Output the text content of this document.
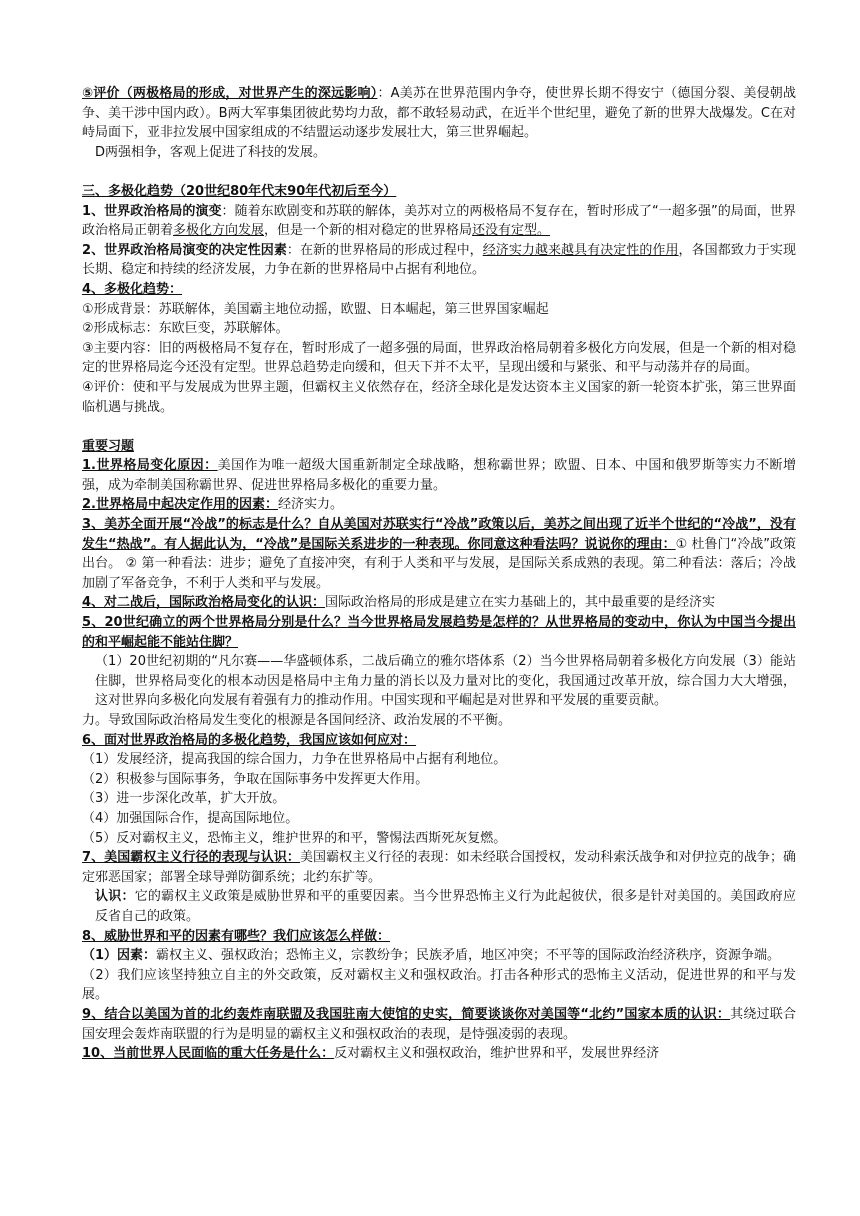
⑤评价（两极格局的形成，对世界产生的深远影响）：A美苏在世界范围内争夺，使世界长期不得安宁（德国分裂、美侵朝战争、美干涉中国内政）。B两大军事集团彼此势均力敌，都不敢轻易动武，在近半个世纪里，避免了新的世界大战爆发。C在对峙局面下，亚非拉发展中国家组成的不结盟运动逐步发展壮大，第三世界崛起。

D两强相争，客观上促进了科技的发展。

三、多极化趋势（20世纪80年代末90年代初后至今）

1、世界政治格局的演变：随着东欧剧变和苏联的解体，美苏对立的两极格局不复存在，暂时形成了“一超多强”的局面，世界政治格局正朝着多极化方向发展，但是一个新的相对稳定的世界格局还没有定型。

2、世界政治格局演变的决定性因素：在新的世界格局的形成过程中，经济实力越来越具有决定性的作用，各国都致力于实现长期、稳定和持续的经济发展，力争在新的世界格局中占据有利地位。

4、多极化趋势：

①形成背景：苏联解体，美国霸主地位动摇，欧盟、日本崛起，第三世界国家崛起

②形成标志：东欧巨变，苏联解体。

③主要内容：旧的两极格局不复存在，暂时形成了一超多强的局面，世界政治格局朝着多极化方向发展，但是一个新的相对稳定的世界格局迄今还没有定型。世界总趋势走向缓和，但天下并不太平，呈现出缓和与紧张、和平与动荡并存的局面。

④评价：使和平与发展成为世界主题，但霸权主义依然存在，经济全球化是发达资本主义国家的新一轮资本扩张，第三世界面临机遇与挑战。

重要习题

1.世界格局变化原因：美国作为唯一超级大国重新制定全球战略，想称霸世界；欧盟、日本、中国和俄罗斯等实力不断增强，成为牵制美国称霸世界、促进世界格局多极化的重要力量。

2.世界格局中起决定作用的因素：经济实力。

3、美苏全面开展“冷战”的标志是什么？自从美国对苏联实行“冷战”政策以后，美苏之间出现了近半个世纪的“冷战”，没有发生“热战”。有人据此认为，“冷战”是国际关系进步的一种表现。你同意这种看法吗？说说你的理由：① 杜鲁门“冷战”政策出台。 ② 第一种看法：进步；避免了直接冲突，有利于人类和平与发展，是国际关系成熟的表现。第二种看法：落后；冷战加剧了军备竞争，不利于人类和平与发展。

4、对二战后，国际政治格局变化的认识：国际政治格局的形成是建立在实力基础上的，其中最重要的是经济实

5、20世纪确立的两个世界格局分别是什么？当今世界格局发展趋势是怎样的？从世界格局的变动中，你认为中国当今提出的和平崛起能不能站住脚？

（1）20世纪初期的“凡尔赛——华盛顿体系，二战后确立的雅尔塔体系（2）当今世界格局朝着多极化方向发展（3）能站住脚，世界格局变化的根本动因是格局中主角力量的消长以及力量对比的变化，我国通过改革开放，综合国力大大增强，这对世界向多极化向发展有着强有力的推动作用。中国实现和平崛起是对世界和平发展的重要贡献。

力。导致国际政治格局发生变化的根源是各国间经济、政治发展的不平衡。

6、面对世界政治格局的多极化趋势，我国应该如何应对：

（1）发展经济，提高我国的综合国力，力争在世界格局中占据有利地位。

（2）积极参与国际事务，争取在国际事务中发挥更大作用。

（3）进一步深化改革，扩大开放。

（4）加强国际合作，提高国际地位。

（5）反对霸权主义，恐怖主义，维护世界的和平，警惕法西斯死灰复燃。

7、美国霸权主义行径的表现与认识：美国霸权主义行径的表现：如未经联合国授权，发动科索沃战争和对伊拉克的战争；确定邪恶国家；部署全球导弹防御系统；北约东扩等。

认识：它的霸权主义政策是威胁世界和平的重要因素。当今世界恐怖主义行为此起彼伏，很多是针对美国的。美国政府应反省自己的政策。

8、威胁世界和平的因素有哪些？我们应该怎么样做：

（1）因素：霸权主义、强权政治；恐怖主义，宗教纷争；民族矛盾，地区冲突；不平等的国际政治经济秩序，资源争端。

（2）我们应该坚持独立自主的外交政策，反对霸权主义和强权政治。打击各种形式的恐怖主义活动，促进世界的和平与发展。

9、结合以美国为首的北约轰炸南联盟及我国驻南大使馆的史实，简要谈谈你对美国等“北约”国家本质的认识：其绕过联合国安理会轰炸南联盟的行为是明显的霸权主义和强权政治的表现，是恃强凌弱的表现。

10、当前世界人民面临的重大任务是什么：反对霸权主义和强权政治，维护世界和平，发展世界经济
